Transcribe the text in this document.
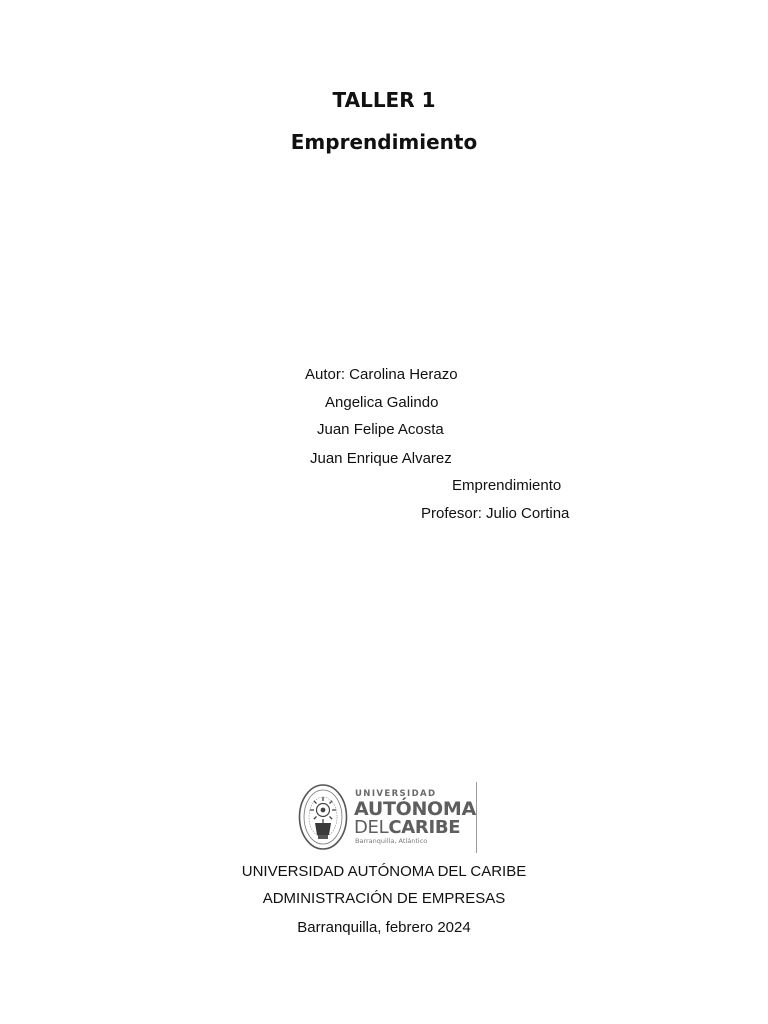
TALLER 1
Emprendimiento
Autor: Carolina Herazo
Angelica Galindo
Juan Felipe Acosta
Juan Enrique Alvarez
Emprendimiento
Profesor: Julio Cortina
UNIVERSIDAD
AUTÓNOMA
DELCARIBE
Barranquilla, Atlántico
UNIVERSIDAD AUTÓNOMA DEL CARIBE
ADMINISTRACIÓN DE EMPRESAS
Barranquilla, febrero 2024
